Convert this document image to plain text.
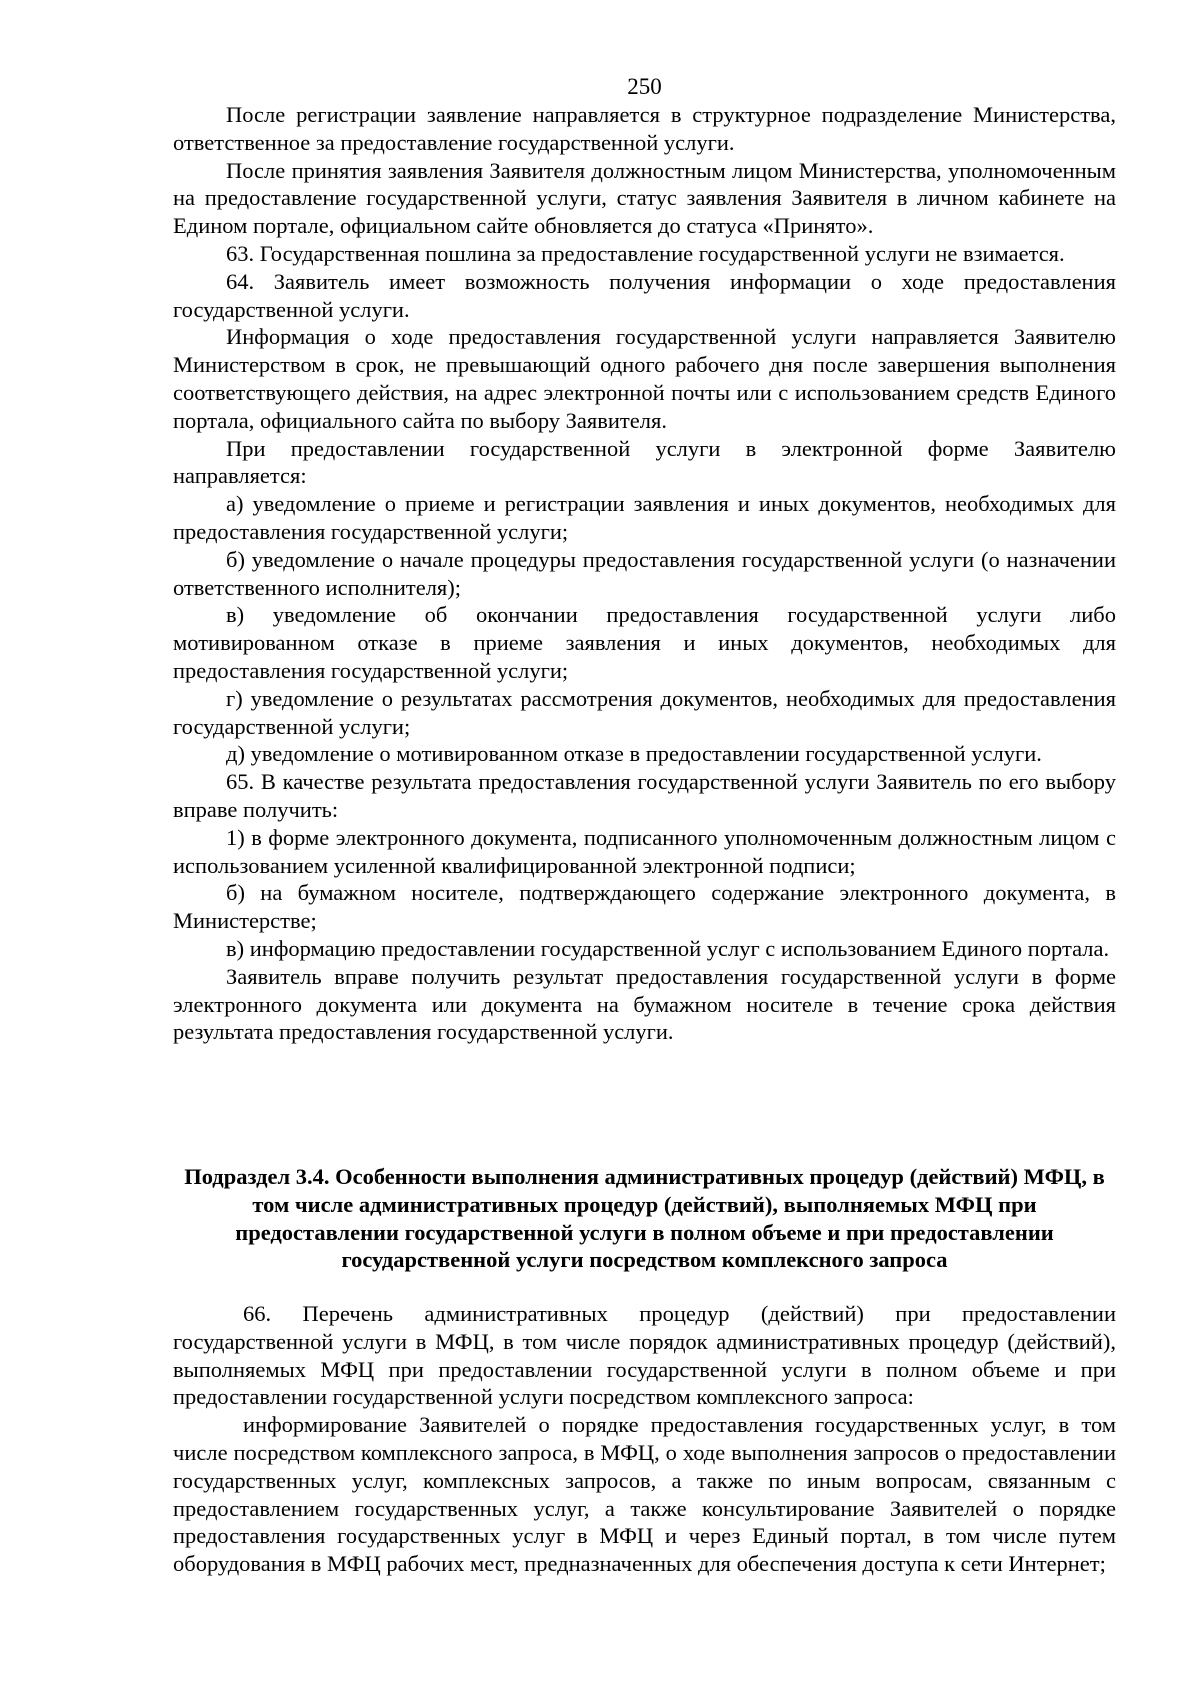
250

После регистрации заявление направляется в структурное подразделение Министерства, ответственное за предоставление государственной услуги.

После принятия заявления Заявителя должностным лицом Министерства, уполномоченным на предоставление государственной услуги, статус заявления Заявителя в личном кабинете на Едином портале, официальном сайте обновляется до статуса «Принято».

63. Государственная пошлина за предоставление государственной услуги не взимается.

64. Заявитель имеет возможность получения информации о ходе предоставления государственной услуги.

Информация о ходе предоставления государственной услуги направляется Заявителю Министерством в срок, не превышающий одного рабочего дня после завершения выполнения соответствующего действия, на адрес электронной почты или с использованием средств Единого портала, официального сайта по выбору Заявителя.

При предоставлении государственной услуги в электронной форме Заявителю направляется:

а) уведомление о приеме и регистрации заявления и иных документов, необходимых для предоставления государственной услуги;

б) уведомление о начале процедуры предоставления государственной услуги (о назначении ответственного исполнителя);

в) уведомление об окончании предоставления государственной услуги либо мотивированном отказе в приеме заявления и иных документов, необходимых для предоставления государственной услуги;

г) уведомление о результатах рассмотрения документов, необходимых для предоставления государственной услуги;

д) уведомление о мотивированном отказе в предоставлении государственной услуги.

65. В качестве результата предоставления государственной услуги Заявитель по его выбору вправе получить:

1) в форме электронного документа, подписанного уполномоченным должностным лицом с использованием усиленной квалифицированной электронной подписи;

б) на бумажном носителе, подтверждающего содержание электронного документа, в Министерстве;

в) информацию предоставлении государственной услуг с использованием Единого портала.

Заявитель вправе получить результат предоставления государственной услуги в форме электронного документа или документа на бумажном носителе в течение срока действия результата предоставления государственной услуги.

Подраздел 3.4. Особенности выполнения административных процедур (действий) МФЦ, в том числе административных процедур (действий), выполняемых МФЦ при предоставлении государственной услуги в полном объеме и при предоставлении государственной услуги посредством комплексного запроса

66. Перечень административных процедур (действий) при предоставлении государственной услуги в МФЦ, в том числе порядок административных процедур (действий), выполняемых МФЦ при предоставлении государственной услуги в полном объеме и при предоставлении государственной услуги посредством комплексного запроса:

информирование Заявителей о порядке предоставления государственных услуг, в том числе посредством комплексного запроса, в МФЦ, о ходе выполнения запросов о предоставлении государственных услуг, комплексных запросов, а также по иным вопросам, связанным с предоставлением государственных услуг, а также консультирование Заявителей о порядке предоставления государственных услуг в МФЦ и через Единый портал, в том числе путем оборудования в МФЦ рабочих мест, предназначенных для обеспечения доступа к сети Интернет;
